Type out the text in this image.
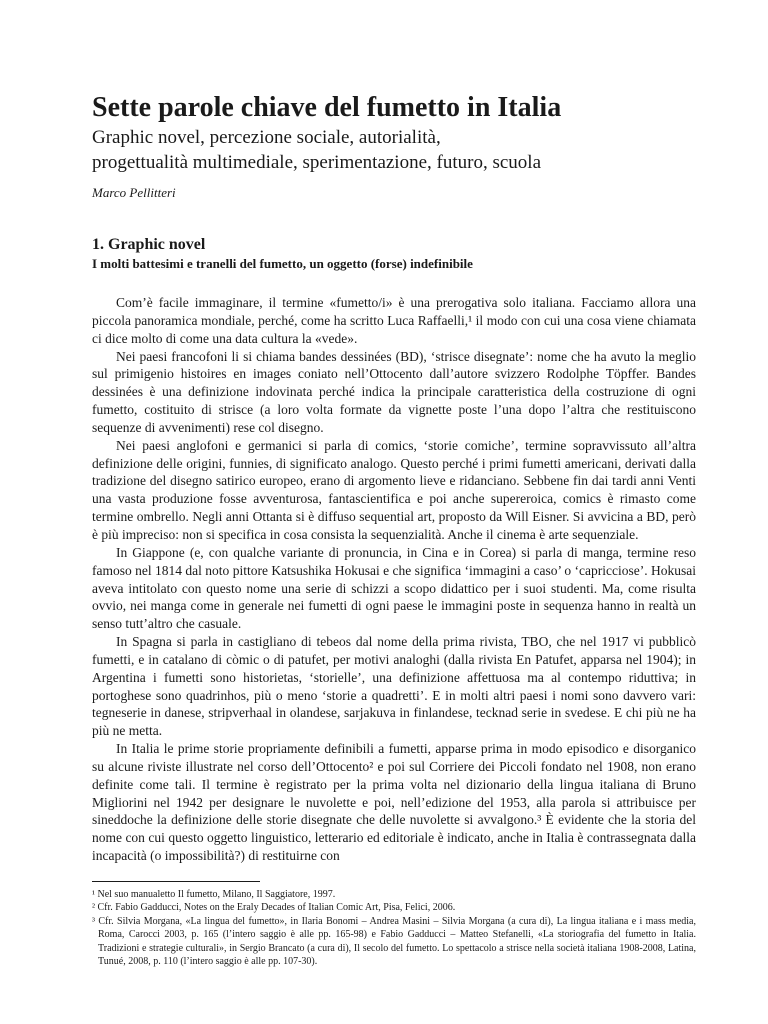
Sette parole chiave del fumetto in Italia
Graphic novel, percezione sociale, autorialità,
progettualità multimediale, sperimentazione, futuro, scuola
Marco Pellitteri
1. Graphic novel
I molti battesimi e tranelli del fumetto, un oggetto (forse) indefinibile

Com’è facile immaginare, il termine «fumetto/i» è una prerogativa solo italiana. Facciamo allora una piccola panoramica mondiale, perché, come ha scritto Luca Raffaelli,¹ il modo con cui una cosa viene chiamata ci dice molto di come una data cultura la «vede».

Nei paesi francofoni li si chiama bandes dessinées (BD), ‘strisce disegnate’: nome che ha avuto la meglio sul primigenio histoires en images coniato nell’Ottocento dall’autore svizzero Rodolphe Töpffer. Bandes dessinées è una definizione indovinata perché indica la principale caratteristica della costruzione di ogni fumetto, costituito di strisce (a loro volta formate da vignette poste l’una dopo l’altra che restituiscono sequenze di avvenimenti) rese col disegno.

Nei paesi anglofoni e germanici si parla di comics, ‘storie comiche’, termine sopravvissuto all’altra definizione delle origini, funnies, di significato analogo. Questo perché i primi fumetti americani, derivati dalla tradizione del disegno satirico europeo, erano di argomento lieve e ridanciano. Sebbene fin dai tardi anni Venti una vasta produzione fosse avventurosa, fantascientifica e poi anche supereroica, comics è rimasto come termine ombrello. Negli anni Ottanta si è diffuso sequential art, proposto da Will Eisner. Si avvicina a BD, però è più impreciso: non si specifica in cosa consista la sequenzialità. Anche il cinema è arte sequenziale.

In Giappone (e, con qualche variante di pronuncia, in Cina e in Corea) si parla di manga, termine reso famoso nel 1814 dal noto pittore Katsushika Hokusai e che significa ‘immagini a caso’ o ‘capricciose’. Hokusai aveva intitolato con questo nome una serie di schizzi a scopo didattico per i suoi studenti. Ma, come risulta ovvio, nei manga come in generale nei fumetti di ogni paese le immagini poste in sequenza hanno in realtà un senso tutt’altro che casuale.

In Spagna si parla in castigliano di tebeos dal nome della prima rivista, TBO, che nel 1917 vi pubblicò fumetti, e in catalano di còmic o di patufet, per motivi analoghi (dalla rivista En Patufet, apparsa nel 1904); in Argentina i fumetti sono historietas, ‘storielle’, una definizione affettuosa ma al contempo riduttiva; in portoghese sono quadrinhos, più o meno ‘storie a quadretti’. E in molti altri paesi i nomi sono davvero vari: tegneserie in danese, stripverhaal in olandese, sarjakuva in finlandese, tecknad serie in svedese. E chi più ne ha più ne metta.

In Italia le prime storie propriamente definibili a fumetti, apparse prima in modo episodico e disorganico su alcune riviste illustrate nel corso dell’Ottocento² e poi sul Corriere dei Piccoli fondato nel 1908, non erano definite come tali. Il termine è registrato per la prima volta nel dizionario della lingua italiana di Bruno Migliorini nel 1942 per designare le nuvolette e poi, nell’edizione del 1953, alla parola si attribuisce per sineddoche la definizione delle storie disegnate che delle nuvolette si avvalgono.³ È evidente che la storia del nome con cui questo oggetto linguistico, letterario ed editoriale è indicato, anche in Italia è contrassegnata dalla incapacità (o impossibilità?) di restituirne con

¹ Nel suo manualetto Il fumetto, Milano, Il Saggiatore, 1997.

² Cfr. Fabio Gadducci, Notes on the Eraly Decades of Italian Comic Art, Pisa, Felici, 2006.

³ Cfr. Silvia Morgana, «La lingua del fumetto», in Ilaria Bonomi – Andrea Masini – Silvia Morgana (a cura di), La lingua italiana e i mass media, Roma, Carocci 2003, p. 165 (l’intero saggio è alle pp. 165-98) e Fabio Gadducci – Matteo Stefanelli, «La storiografia del fumetto in Italia. Tradizioni e strategie culturali», in Sergio Brancato (a cura di), Il secolo del fumetto. Lo spettacolo a strisce nella società italiana 1908-2008, Latina, Tunué, 2008, p. 110 (l’intero saggio è alle pp. 107-30).
